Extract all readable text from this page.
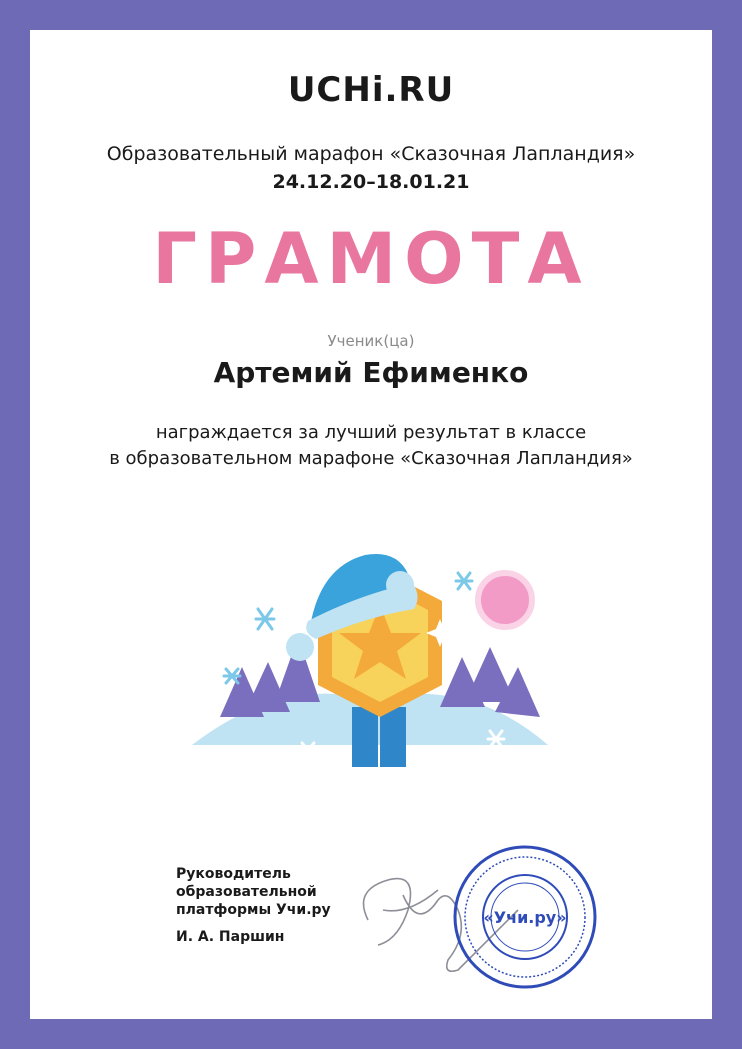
UCHi.RU
Образовательный марафон «Сказочная Лапландия»
24.12.20–18.01.21
ГРАМОТА
Ученик(ца)
Артемий Ефименко
награждается за лучший результат в классе
в образовательном марафоне «Сказочная Лапландия»
Руководитель
образовательной
платформы Учи.ру
И. А. Паршин
«Учи.ру»
